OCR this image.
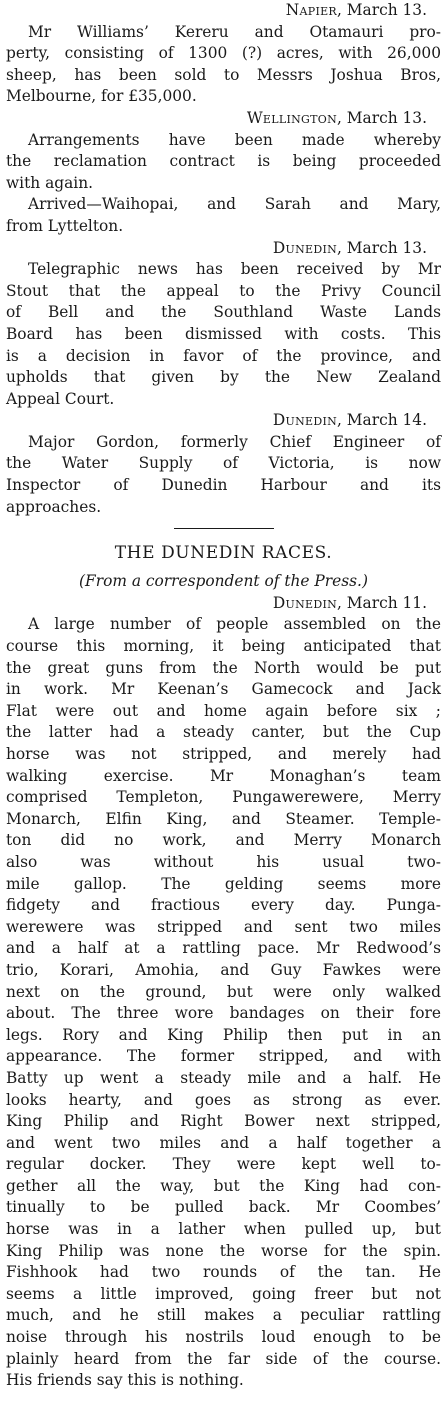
Napier, March 13.
Mr Williams’ Kereru and Otamauri pro-
perty, consisting of 1300 (?) acres, with 26,000
sheep, has been sold to Messrs Joshua Bros,
Melbourne, for £35,000.
Wellington, March 13.
Arrangements have been made whereby
the reclamation contract is being proceeded
with again.
Arrived—Waihopai, and Sarah and Mary,
from Lyttelton.
Dunedin, March 13.
Telegraphic news has been received by Mr
Stout that the appeal to the Privy Council
of Bell and the Southland Waste Lands
Board has been dismissed with costs. This
is a decision in favor of the province, and
upholds that given by the New Zealand
Appeal Court.
Dunedin, March 14.
Major Gordon, formerly Chief Engineer of
the Water Supply of Victoria, is now
Inspector of Dunedin Harbour and its
approaches.
THE DUNEDIN RACES.
(From a correspondent of the Press.)
Dunedin, March 11.
A large number of people assembled on the
course this morning, it being anticipated that
the great guns from the North would be put
in work. Mr Keenan’s Gamecock and Jack
Flat were out and home again before six ;
the latter had a steady canter, but the Cup
horse was not stripped, and merely had
walking exercise. Mr Monaghan’s team
comprised Templeton, Pungawerewere, Merry
Monarch, Elfin King, and Steamer. Temple-
ton did no work, and Merry Monarch
also was without his usual two-
mile gallop. The gelding seems more
fidgety and fractious every day. Punga-
werewere was stripped and sent two miles
and a half at a rattling pace. Mr Redwood’s
trio, Korari, Amohia, and Guy Fawkes were
next on the ground, but were only walked
about. The three wore bandages on their fore
legs. Rory and King Philip then put in an
appearance. The former stripped, and with
Batty up went a steady mile and a half. He
looks hearty, and goes as strong as ever.
King Philip and Right Bower next stripped,
and went two miles and a half together a
regular docker. They were kept well to-
gether all the way, but the King had con-
tinually to be pulled back. Mr Coombes’
horse was in a lather when pulled up, but
King Philip was none the worse for the spin.
Fishhook had two rounds of the tan. He
seems a little improved, going freer but not
much, and he still makes a peculiar rattling
noise through his nostrils loud enough to be
plainly heard from the far side of the course.
His friends say this is nothing.
